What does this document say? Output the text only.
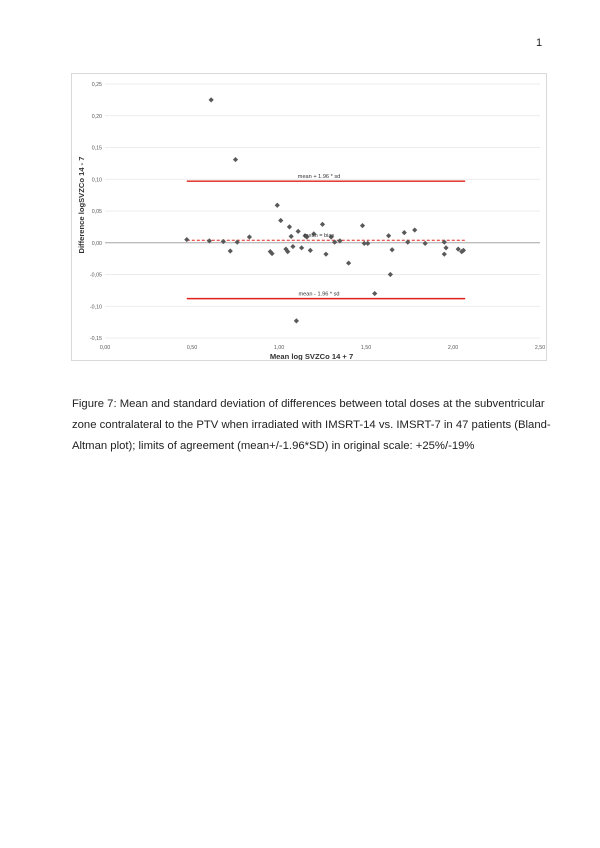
1
-0,15
-0,10
-0,05
0,00
0,05
0,10
0,15
0,20
0,25
0,00	0,50	1,00	1,50	2,00	2,50
Mean log SVZCo 14 + 7
Difference logSVZCo 14 - 7	mean + 1.96 * sd
mean = bias
mean - 1.96 * sd
Figure 7: Mean and standard deviation of differences between total doses at the subventricular zone contralateral to the PTV when irradiated with IMSRT-14 vs. IMSRT-7 in 47 patients (Bland-Altman plot); limits of agreement (mean+/-1.96*SD) in original scale: +25%/-19%
